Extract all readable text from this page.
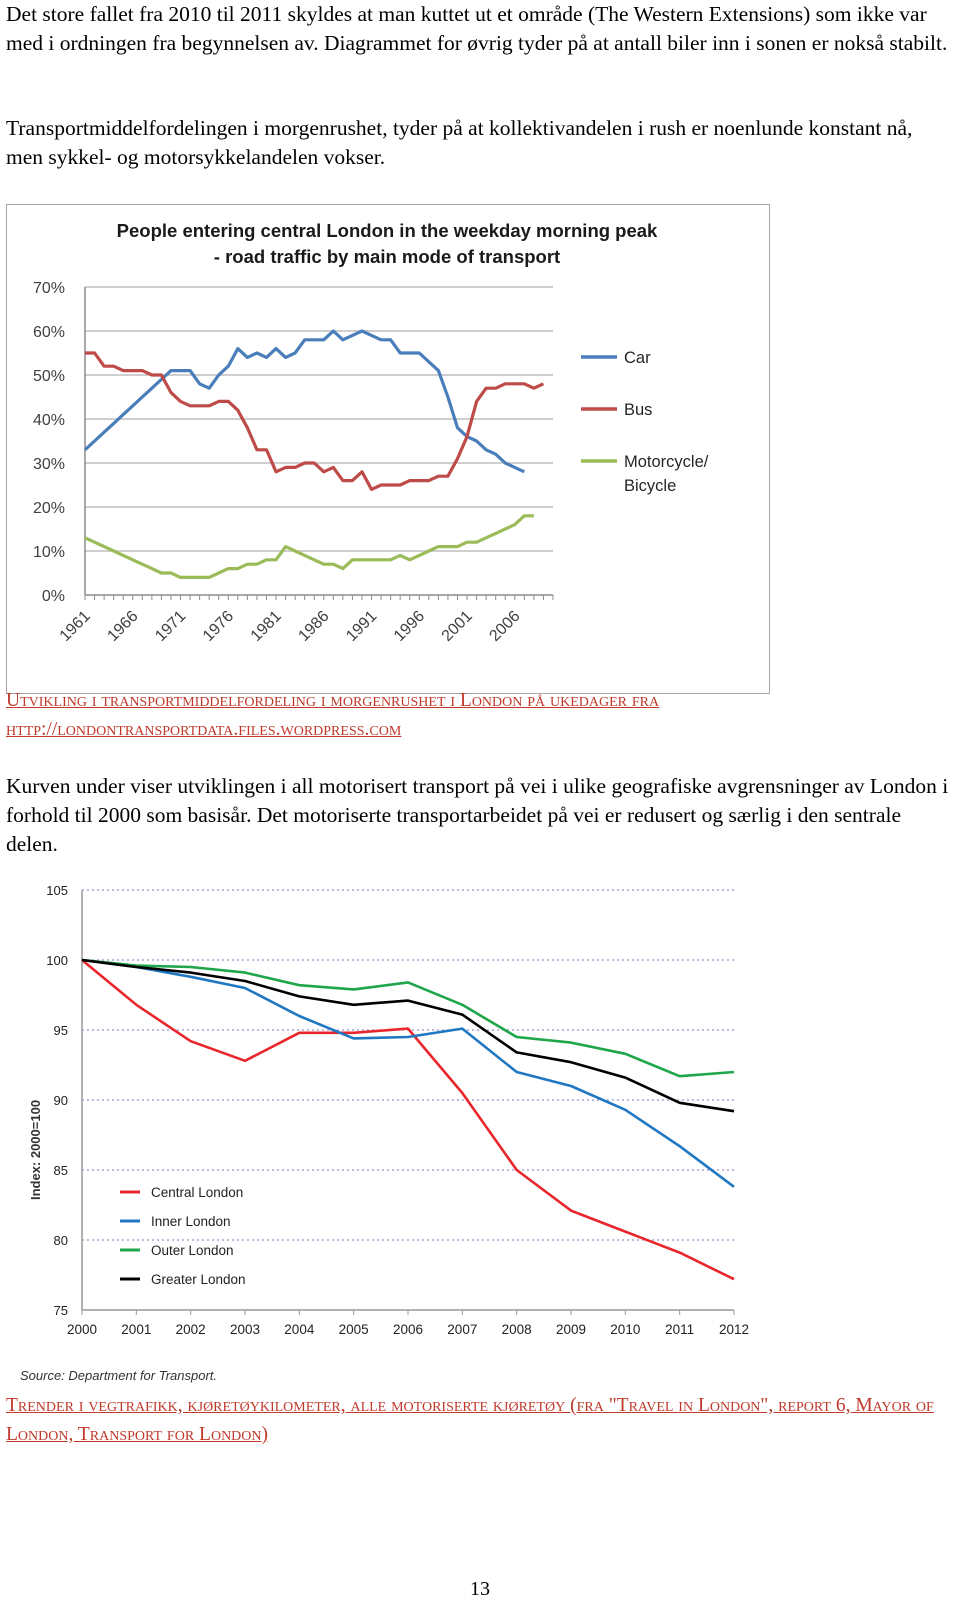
Det store fallet fra 2010 til 2011 skyldes at man kuttet ut et område (The Western Extensions) som ikke var med i ordningen fra begynnelsen av. Diagrammet for øvrig tyder på at antall biler inn i sonen er nokså stabilt.

Transportmiddelfordelingen i morgenrushet, tyder på at kollektivandelen i rush er noenlunde konstant nå, men sykkel- og motorsykkelandelen vokser.

People entering central London in the weekday morning peak
- road traffic by main mode of transport
0%
10%
20%
30%
40%
50%
60%
70%
1961 1966 1971 1976 1981 1986 1991 1996 2001 2006
Car
Bus
Motorcycle/
Bicycle

Utvikling i transportmiddelfordeling i morgenrushet i London på ukedager fra http://londontransportdata.files.wordpress.com

Kurven under viser utviklingen i all motorisert transport på vei i ulike geografiske avgrensninger av London i forhold til 2000 som basisår. Det motoriserte transportarbeidet på vei er redusert og særlig i den sentrale delen.

Index: 2000=100
75
80
85
90
95
100
105
2000 2001 2002 2003 2004 2005 2006 2007 2008 2009 2010 2011 2012
Central London
Inner London
Outer London
Greater London
Source: Department for Transport.

Trender i vegtrafikk, kjøretøykilometer, alle motoriserte kjøretøy (fra "Travel in London", report 6, Mayor of London, Transport for London)

13
